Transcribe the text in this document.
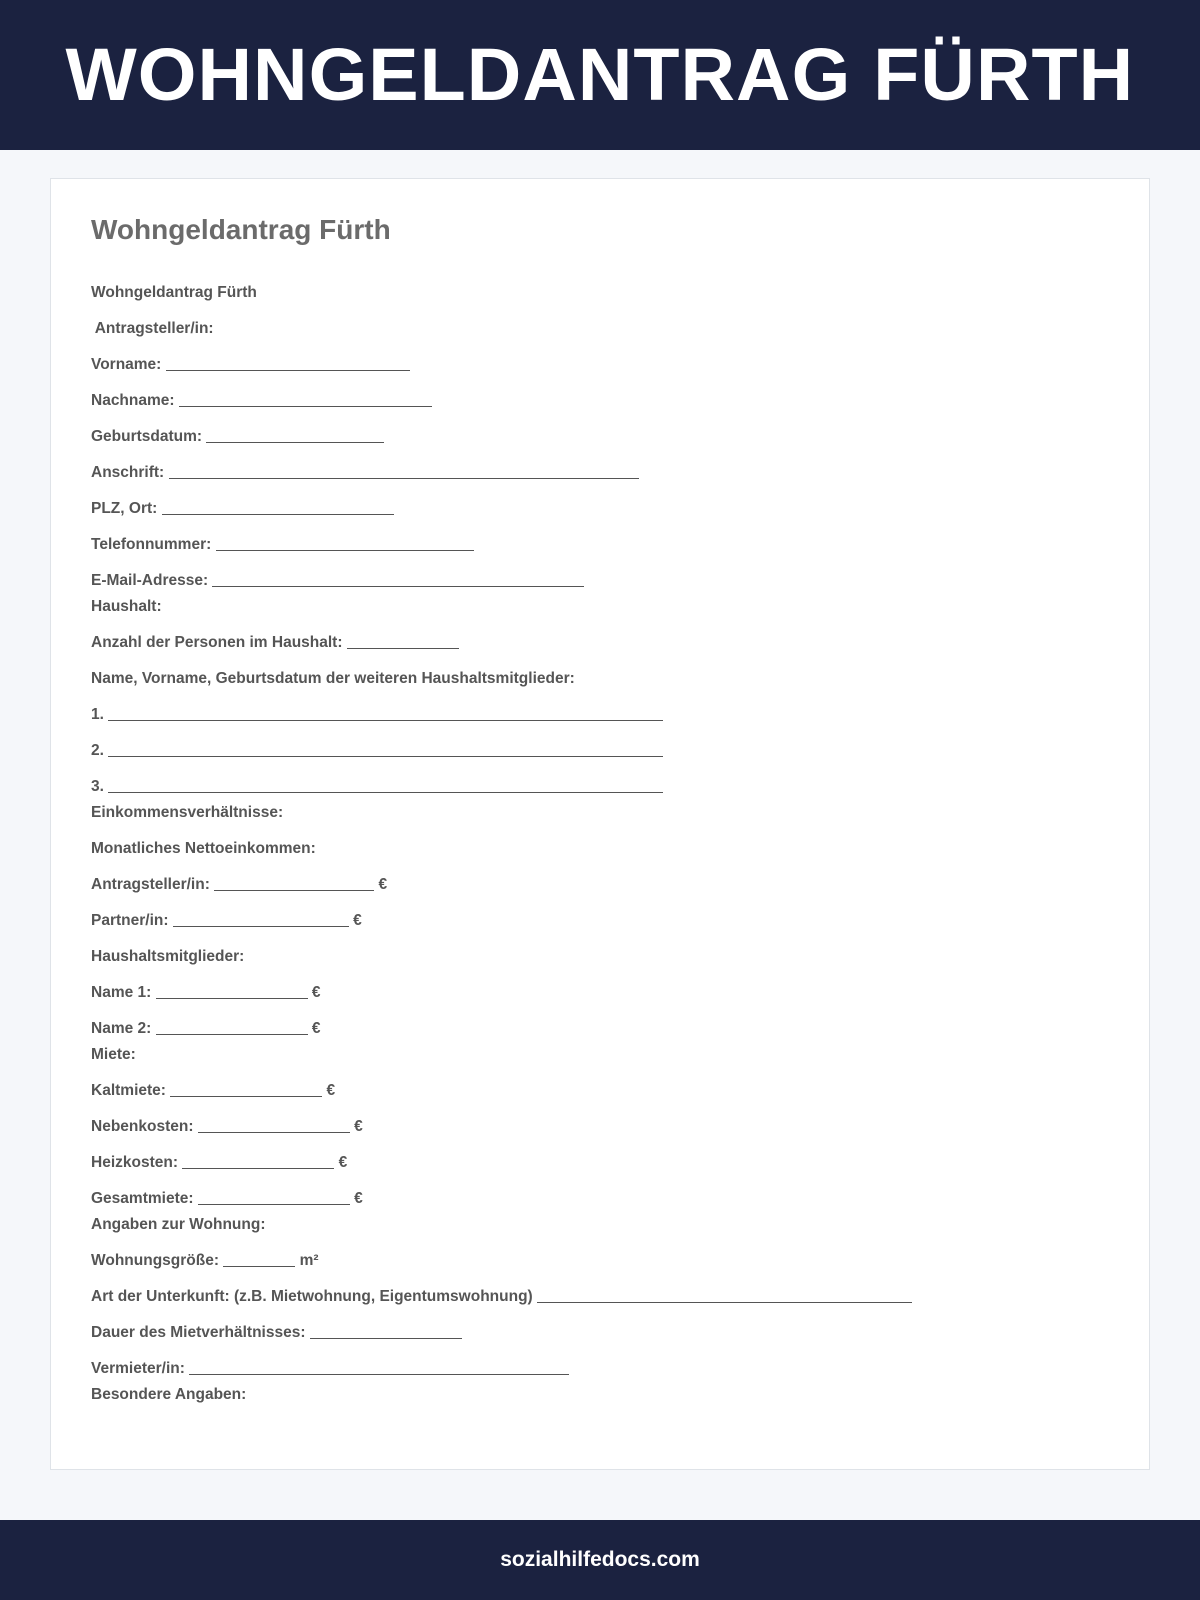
WOHNGELDANTRAG FÜRTH
Wohngeldantrag Fürth

Wohngeldantrag Fürth

Antragsteller/in:

Vorname:

Nachname:

Geburtsdatum:

Anschrift:

PLZ, Ort:

Telefonnummer:

E-Mail-Adresse:

Haushalt:

Anzahl der Personen im Haushalt:

Name, Vorname, Geburtsdatum der weiteren Haushaltsmitglieder:

1.

2.

3.

Einkommensverhältnisse:

Monatliches Nettoeinkommen:

Antragsteller/in:	€

Partner/in:	€

Haushaltsmitglieder:

Name 1:	€

Name 2:	€

Miete:

Kaltmiete:	€

Nebenkosten:	€

Heizkosten:	€

Gesamtmiete:	€

Angaben zur Wohnung:

Wohnungsgröße:	m²

Art der Unterkunft: (z.B. Mietwohnung, Eigentumswohnung)

Dauer des Mietverhältnisses:

Vermieter/in:

Besondere Angaben:

sozialhilfedocs.com
